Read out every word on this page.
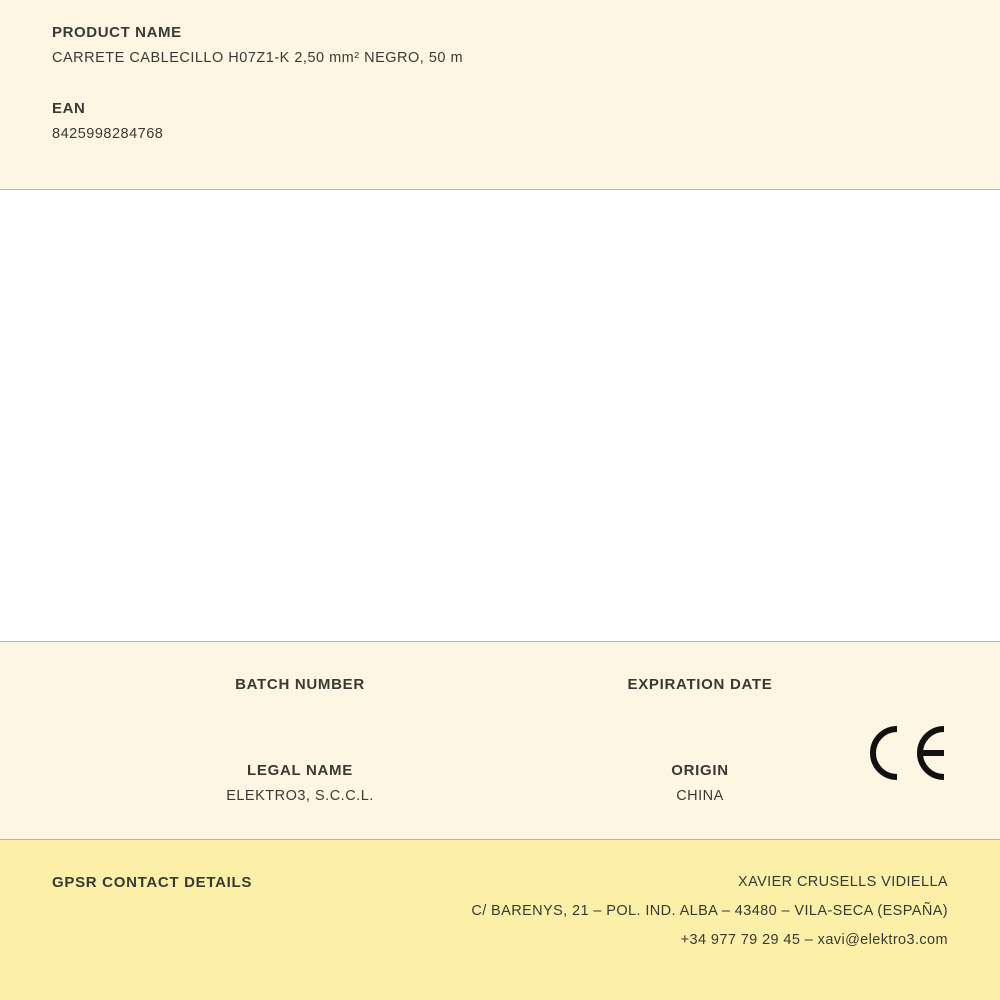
PRODUCT NAME
CARRETE CABLECILLO H07Z1-K 2,50 mm² NEGRO, 50 m
EAN
8425998284768
BATCH NUMBER	EXPIRATION DATE
LEGAL NAME
ELEKTRO3, S.C.C.L.
ORIGIN
CHINA
GPSR CONTACT DETAILS	XAVIER CRUSELLS VIDIELLA
C/ BARENYS, 21 – POL. IND. ALBA – 43480 – VILA-SECA (ESPAÑA)
+34 977 79 29 45 – xavi@elektro3.com
